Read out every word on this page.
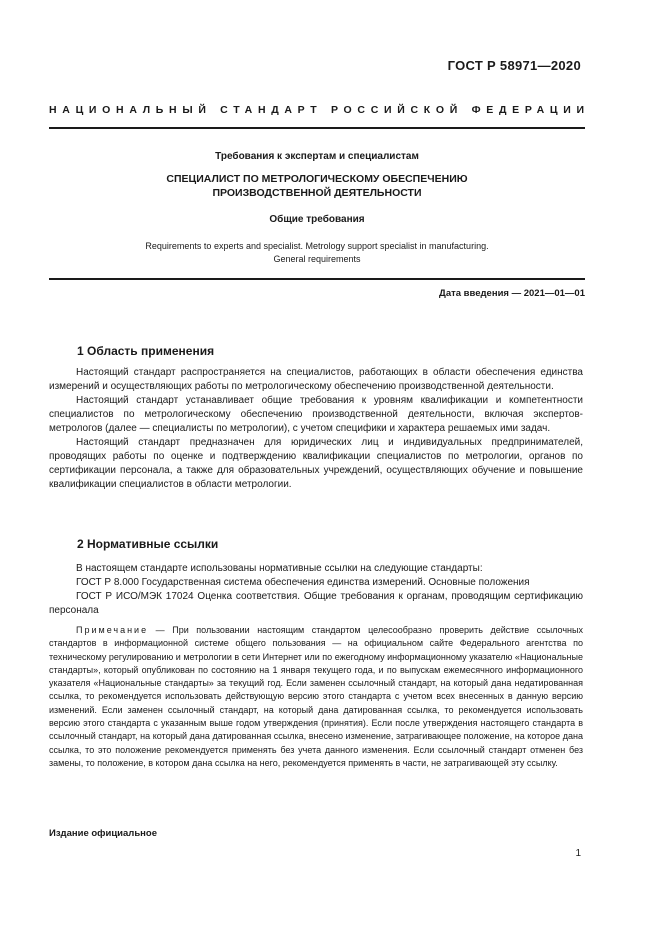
ГОСТ Р 58971—2020
НАЦИОНАЛЬНЫЙ СТАНДАРТ РОССИЙСКОЙ ФЕДЕРАЦИИ
Требования к экспертам и специалистам
СПЕЦИАЛИСТ ПО МЕТРОЛОГИЧЕСКОМУ ОБЕСПЕЧЕНИЮ
ПРОИЗВОДСТВЕННОЙ ДЕЯТЕЛЬНОСТИ
Общие требования
Requirements to experts and specialist. Metrology support specialist in manufacturing.
General requirements
Дата введения — 2021—01—01
1 Область применения

Настоящий стандарт распространяется на специалистов, работающих в области обеспечения единства измерений и осуществляющих работы по метрологическому обеспечению производственной деятельности.

Настоящий стандарт устанавливает общие требования к уровням квалификации и компетентности специалистов по метрологическому обеспечению производственной деятельности, включая экспертов-метрологов (далее — специалисты по метрологии), с учетом специфики и характера решаемых ими задач.

Настоящий стандарт предназначен для юридических лиц и индивидуальных предпринимателей, проводящих работы по оценке и подтверждению квалификации специалистов по метрологии, органов по сертификации персонала, а также для образовательных учреждений, осуществляющих обучение и повышение квалификации специалистов в области метрологии.

2 Нормативные ссылки

В настоящем стандарте использованы нормативные ссылки на следующие стандарты:

ГОСТ Р 8.000 Государственная система обеспечения единства измерений. Основные положения

ГОСТ Р ИСО/МЭК 17024 Оценка соответствия. Общие требования к органам, проводящим сертификацию персонала

Примечание — При пользовании настоящим стандартом целесообразно проверить действие ссылочных стандартов в информационной системе общего пользования — на официальном сайте Федерального агентства по техническому регулированию и метрологии в сети Интернет или по ежегодному информационному указателю «Национальные стандарты», который опубликован по состоянию на 1 января текущего года, и по выпускам ежемесячного информационного указателя «Национальные стандарты» за текущий год. Если заменен ссылочный стандарт, на который дана недатированная ссылка, то рекомендуется использовать действующую версию этого стандарта с учетом всех внесенных в данную версию изменений. Если заменен ссылочный стандарт, на который дана датированная ссылка, то рекомендуется использовать версию этого стандарта с указанным выше годом утверждения (принятия). Если после утверждения настоящего стандарта в ссылочный стандарт, на который дана датированная ссылка, внесено изменение, затрагивающее положение, на которое дана ссылка, то это положение рекомендуется применять без учета данного изменения. Если ссылочный стандарт отменен без замены, то положение, в котором дана ссылка на него, рекомендуется применять в части, не затрагивающей эту ссылку.
Издание официальное
1
